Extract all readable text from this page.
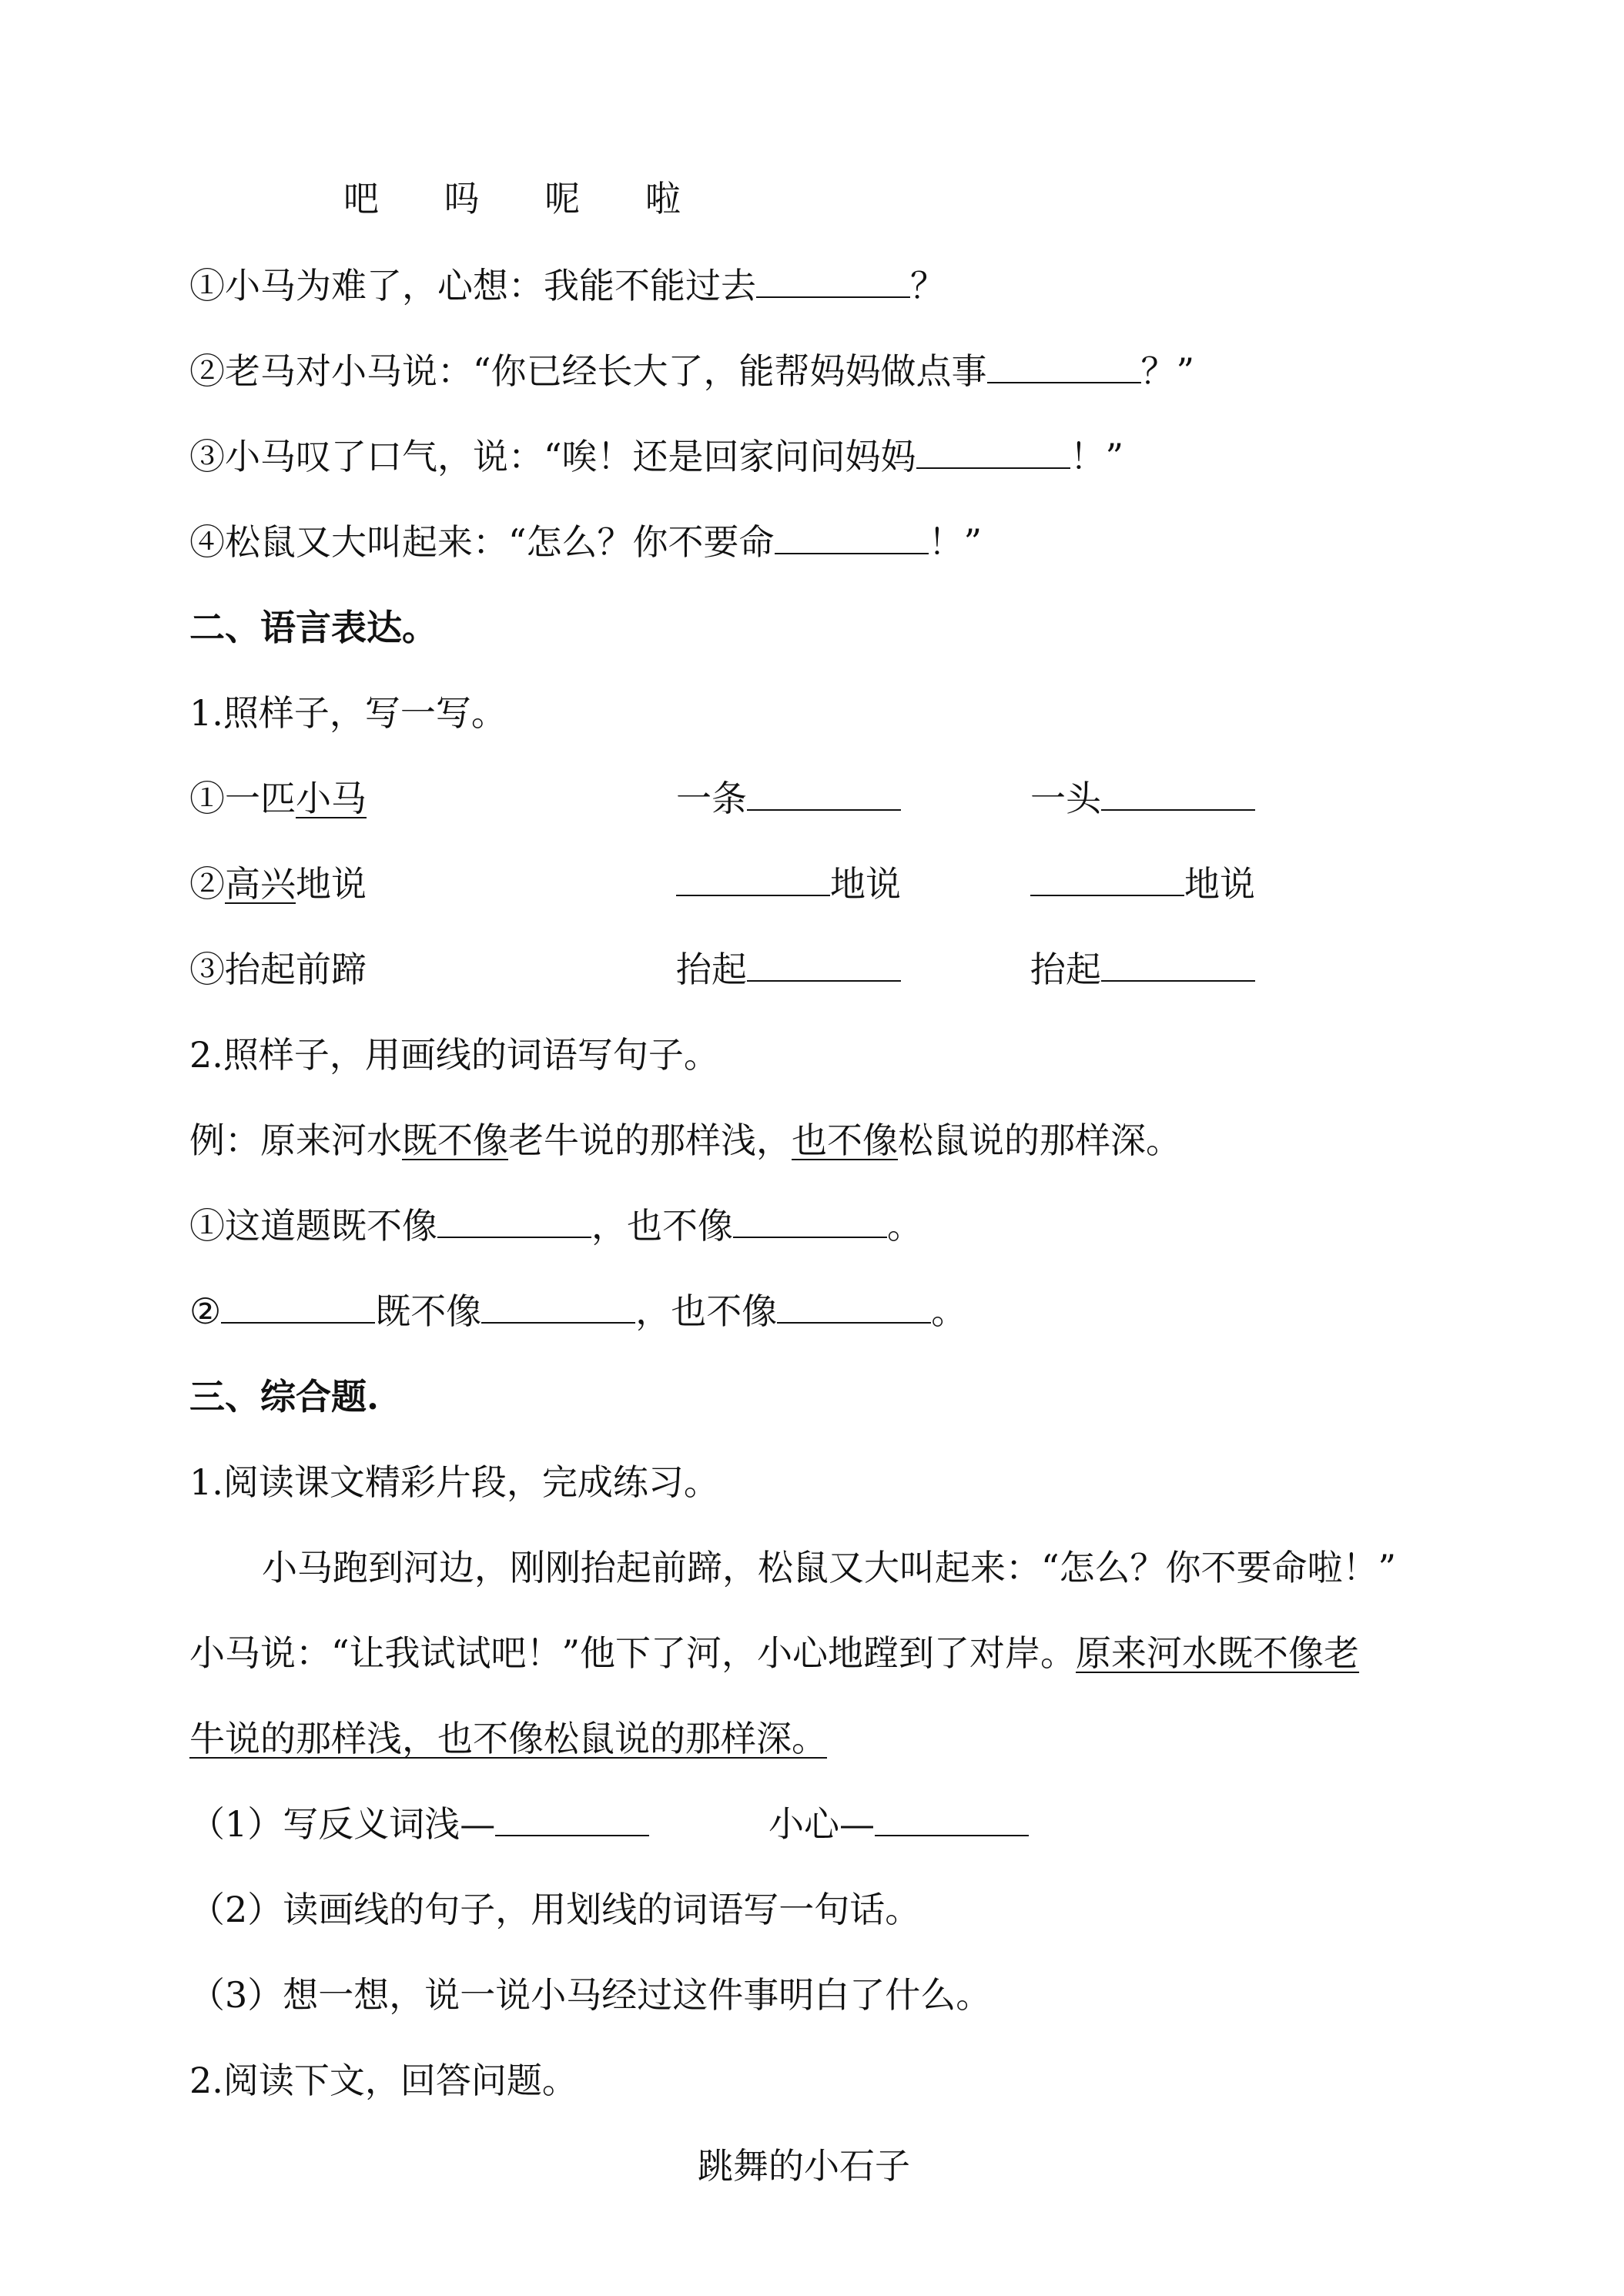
吧 吗 呢 啦
①小马为难了，心想：我能不能过去	？
②老马对小马说：“你已经长大了，能帮妈妈做点事	？”
③小马叹了口气，说：“唉！还是回家问问妈妈	！”
④松鼠又大叫起来：“怎么？你不要命	！”
二、语言表达。
1.照样子，写一写。
①一匹小马	一条	一头
②高兴地说	地说	地说
③抬起前蹄	抬起	抬起
2.照样子，用画线的词语写句子。
例：原来河水既不像老牛说的那样浅，也不像松鼠说的那样深。
①这道题既不像	，也不像	。
②	既不像	，也不像	。
三、综合题.
1.阅读课文精彩片段，完成练习。
小马跑到河边，刚刚抬起前蹄，松鼠又大叫起来：“怎么？你不要命啦！”
小马说：“让我试试吧！”他下了河，小心地蹚到了对岸。原来河水既不像老
牛说的那样浅，也不像松鼠说的那样深。
（1）写反义词浅—	小心—
（2）读画线的句子，用划线的词语写一句话。
（3）想一想，说一说小马经过这件事明白了什么。
2.阅读下文，回答问题。
跳舞的小石子
